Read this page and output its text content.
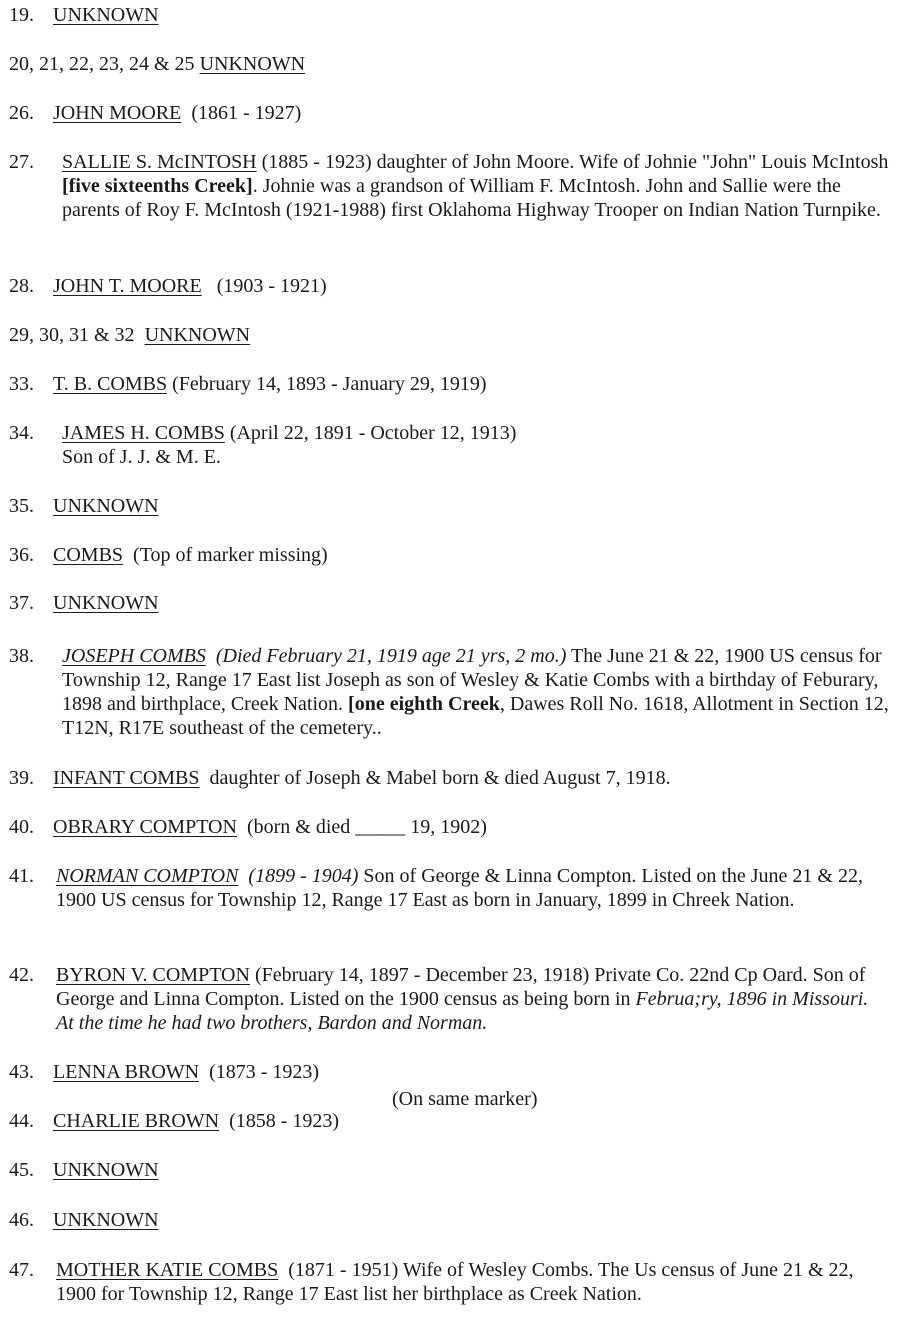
19. UNKNOWN
20, 21, 22, 23, 24 & 25 UNKNOWN
26. JOHN MOORE (1861 - 1927)
27. SALLIE S. McINTOSH (1885 - 1923) daughter of John Moore. Wife of Johnie "John" Louis McIntosh [five sixteenths Creek]. Johnie was a grandson of William F. McIntosh. John and Sallie were the parents of Roy F. McIntosh (1921-1988) first Oklahoma Highway Trooper on Indian Nation Turnpike.
28. JOHN T. MOORE (1903 - 1921)
29, 30, 31 & 32 UNKNOWN
33. T. B. COMBS (February 14, 1893 - January 29, 1919)
34. JAMES H. COMBS (April 22, 1891 - October 12, 1913)
Son of J. J. & M. E.
35. UNKNOWN
36. COMBS (Top of marker missing)
37. UNKNOWN
38. JOSEPH COMBS (Died February 21, 1919 age 21 yrs, 2 mo.) The June 21 & 22, 1900 US census for Township 12, Range 17 East list Joseph as son of Wesley & Katie Combs with a birthday of Feburary, 1898 and birthplace, Creek Nation. [one eighth Creek, Dawes Roll No. 1618, Allotment in Section 12, T12N, R17E southeast of the cemetery..
39. INFANT COMBS daughter of Joseph & Mabel born & died August 7, 1918.
40. OBRARY COMPTON (born & died _____ 19, 1902)
41. NORMAN COMPTON (1899 - 1904) Son of George & Linna Compton. Listed on the June 21 & 22, 1900 US census for Township 12, Range 17 East as born in January, 1899 in Chreek Nation.
42. BYRON V. COMPTON (February 14, 1897 - December 23, 1918) Private Co. 22nd Cp Oard. Son of George and Linna Compton. Listed on the 1900 census as being born in Februa;ry, 1896 in Missouri. At the time he had two brothers, Bardon and Norman.
43. LENNA BROWN (1873 - 1923)
(On same marker)
44. CHARLIE BROWN (1858 - 1923)
45. UNKNOWN
46. UNKNOWN
47. MOTHER KATIE COMBS (1871 - 1951) Wife of Wesley Combs. The Us census of June 21 & 22, 1900 for Township 12, Range 17 East list her birthplace as Creek Nation.
